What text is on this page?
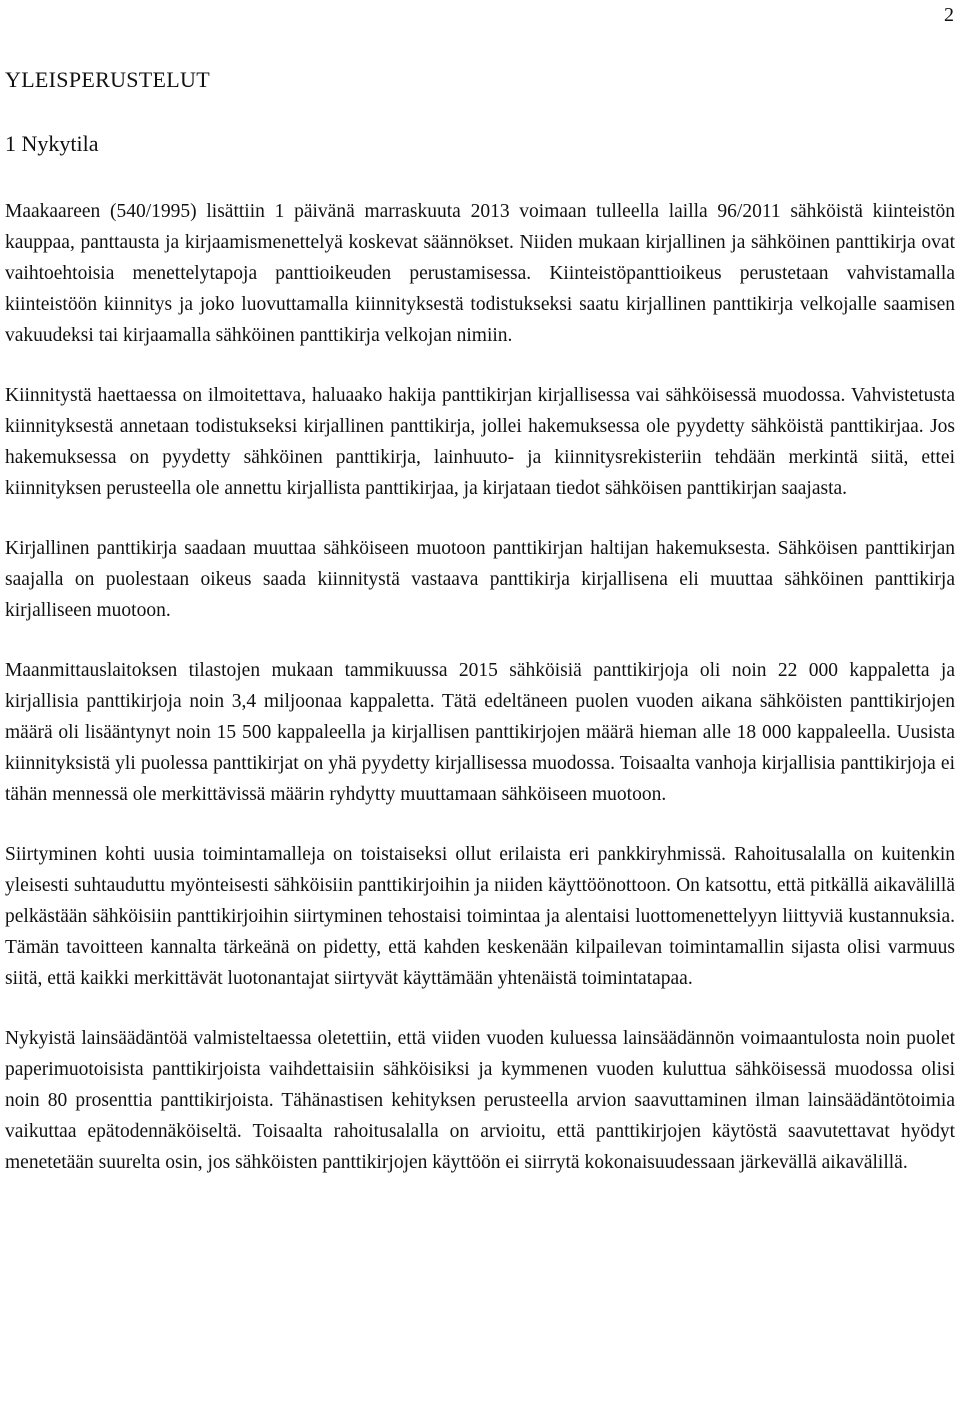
2
YLEISPERUSTELUT
1 Nykytila

Maakaareen (540/1995) lisättiin 1 päivänä marraskuuta 2013 voimaan tulleella lailla 96/2011 sähköistä kiinteistön kauppaa, panttausta ja kirjaamismenettelyä koskevat säännökset. Niiden mukaan kirjallinen ja sähköinen panttikirja ovat vaihtoehtoisia menettelytapoja panttioikeuden perustamisessa. Kiinteistöpanttioikeus perustetaan vahvistamalla kiinteistöön kiinnitys ja joko luovuttamalla kiinnityksestä todistukseksi saatu kirjallinen panttikirja velkojalle saamisen vakuudeksi tai kirjaamalla sähköinen panttikirja velkojan nimiin.

Kiinnitystä haettaessa on ilmoitettava, haluaako hakija panttikirjan kirjallisessa vai sähköisessä muodossa. Vahvistetusta kiinnityksestä annetaan todistukseksi kirjallinen panttikirja, jollei hakemuksessa ole pyydetty sähköistä panttikirjaa. Jos hakemuksessa on pyydetty sähköinen panttikirja, lainhuuto- ja kiinnitysrekisteriin tehdään merkintä siitä, ettei kiinnityksen perusteella ole annettu kirjallista panttikirjaa, ja kirjataan tiedot sähköisen panttikirjan saajasta.

Kirjallinen panttikirja saadaan muuttaa sähköiseen muotoon panttikirjan haltijan hakemuksesta. Sähköisen panttikirjan saajalla on puolestaan oikeus saada kiinnitystä vastaava panttikirja kirjallisena eli muuttaa sähköinen panttikirja kirjalliseen muotoon.

Maanmittauslaitoksen tilastojen mukaan tammikuussa 2015 sähköisiä panttikirjoja oli noin 22 000 kappaletta ja kirjallisia panttikirjoja noin 3,4 miljoonaa kappaletta. Tätä edeltäneen puolen vuoden aikana sähköisten panttikirjojen määrä oli lisääntynyt noin 15 500 kappaleella ja kirjallisen panttikirjojen määrä hieman alle 18 000 kappaleella. Uusista kiinnityksistä yli puolessa panttikirjat on yhä pyydetty kirjallisessa muodossa. Toisaalta vanhoja kirjallisia panttikirjoja ei tähän mennessä ole merkittävissä määrin ryhdytty muuttamaan sähköiseen muotoon.

Siirtyminen kohti uusia toimintamalleja on toistaiseksi ollut erilaista eri pankkiryhmissä. Rahoitusalalla on kuitenkin yleisesti suhtauduttu myönteisesti sähköisiin panttikirjoihin ja niiden käyttöönottoon. On katsottu, että pitkällä aikavälillä pelkästään sähköisiin panttikirjoihin siirtyminen tehostaisi toimintaa ja alentaisi luottomenettelyyn liittyviä kustannuksia. Tämän tavoitteen kannalta tärkeänä on pidetty, että kahden keskenään kilpailevan toimintamallin sijasta olisi varmuus siitä, että kaikki merkittävät luotonantajat siirtyvät käyttämään yhtenäistä toimintatapaa.

Nykyistä lainsäädäntöä valmisteltaessa oletettiin, että viiden vuoden kuluessa lainsäädännön voimaantulosta noin puolet paperimuotoisista panttikirjoista vaihdettaisiin sähköisiksi ja kymmenen vuoden kuluttua sähköisessä muodossa olisi noin 80 prosenttia panttikirjoista. Tähänastisen kehityksen perusteella arvion saavuttaminen ilman lainsäädäntötoimia vaikuttaa epätodennäköiseltä. Toisaalta rahoitusalalla on arvioitu, että panttikirjojen käytöstä saavutettavat hyödyt menetetään suurelta osin, jos sähköisten panttikirjojen käyttöön ei siirrytä kokonaisuudessaan järkevällä aikavälillä.
